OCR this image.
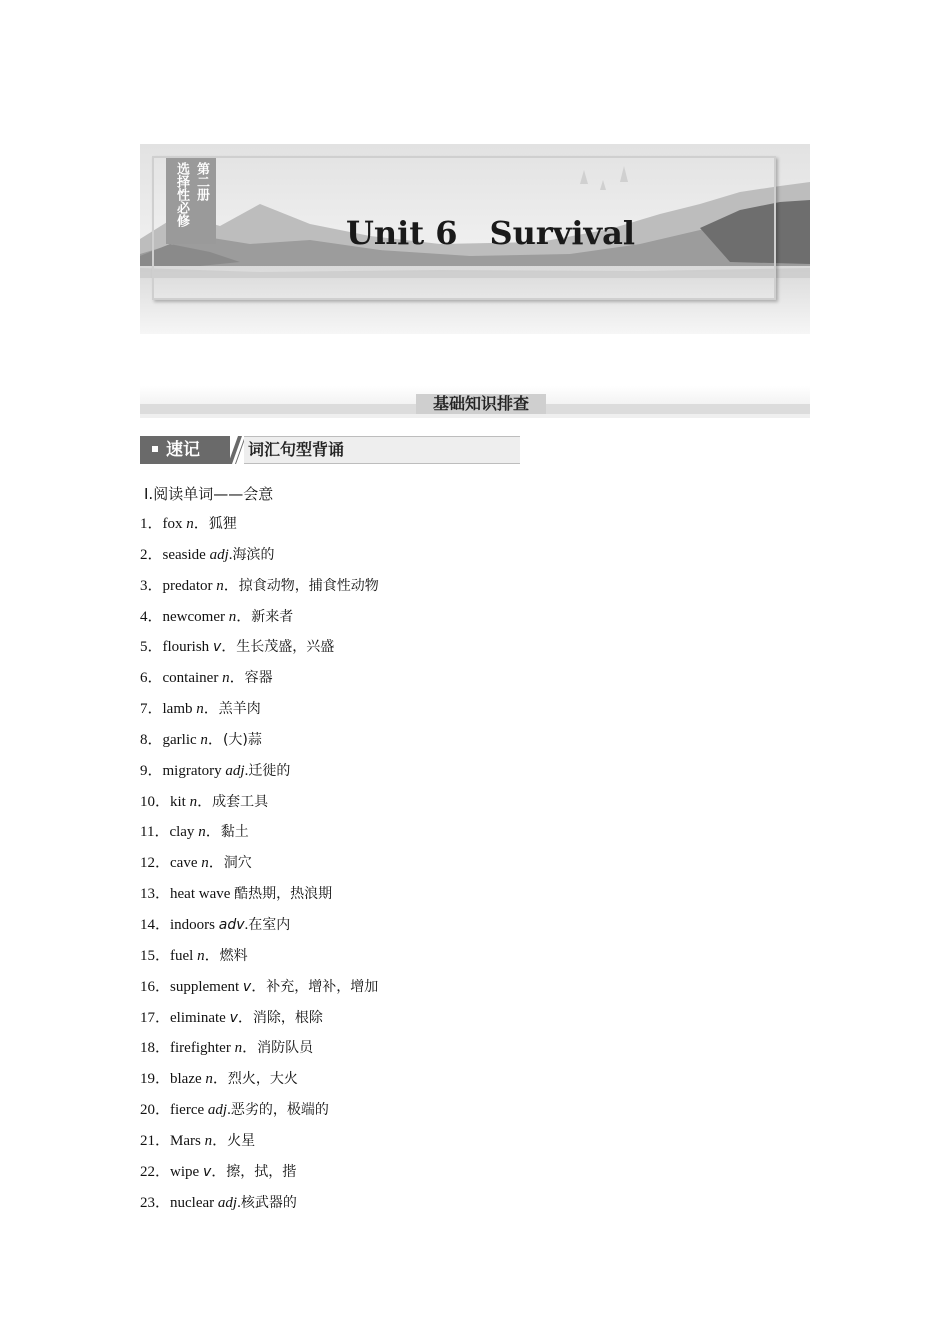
第二册
选择性必修
Unit 6　Survival
基础知识排查
速记	词汇句型背诵
Ⅰ.阅读单词——会意
1．fox n．狐狸
2．seaside adj.海滨的
3．predator n．掠食动物，捕食性动物
4．newcomer n．新来者
5．flourish v．生长茂盛，兴盛
6．container n．容器
7．lamb n．羔羊肉
8．garlic n．(大)蒜
9．migratory adj.迁徙的
10．kit n．成套工具
11．clay n．黏土
12．cave n．洞穴
13．heat wave 酷热期，热浪期
14．indoors adv.在室内
15．fuel n．燃料
16．supplement v．补充，增补，增加
17．eliminate v．消除，根除
18．firefighter n．消防队员
19．blaze n．烈火，大火
20．fierce adj.恶劣的，极端的
21．Mars n．火星
22．wipe v．擦，拭，揩
23．nuclear adj.核武器的
